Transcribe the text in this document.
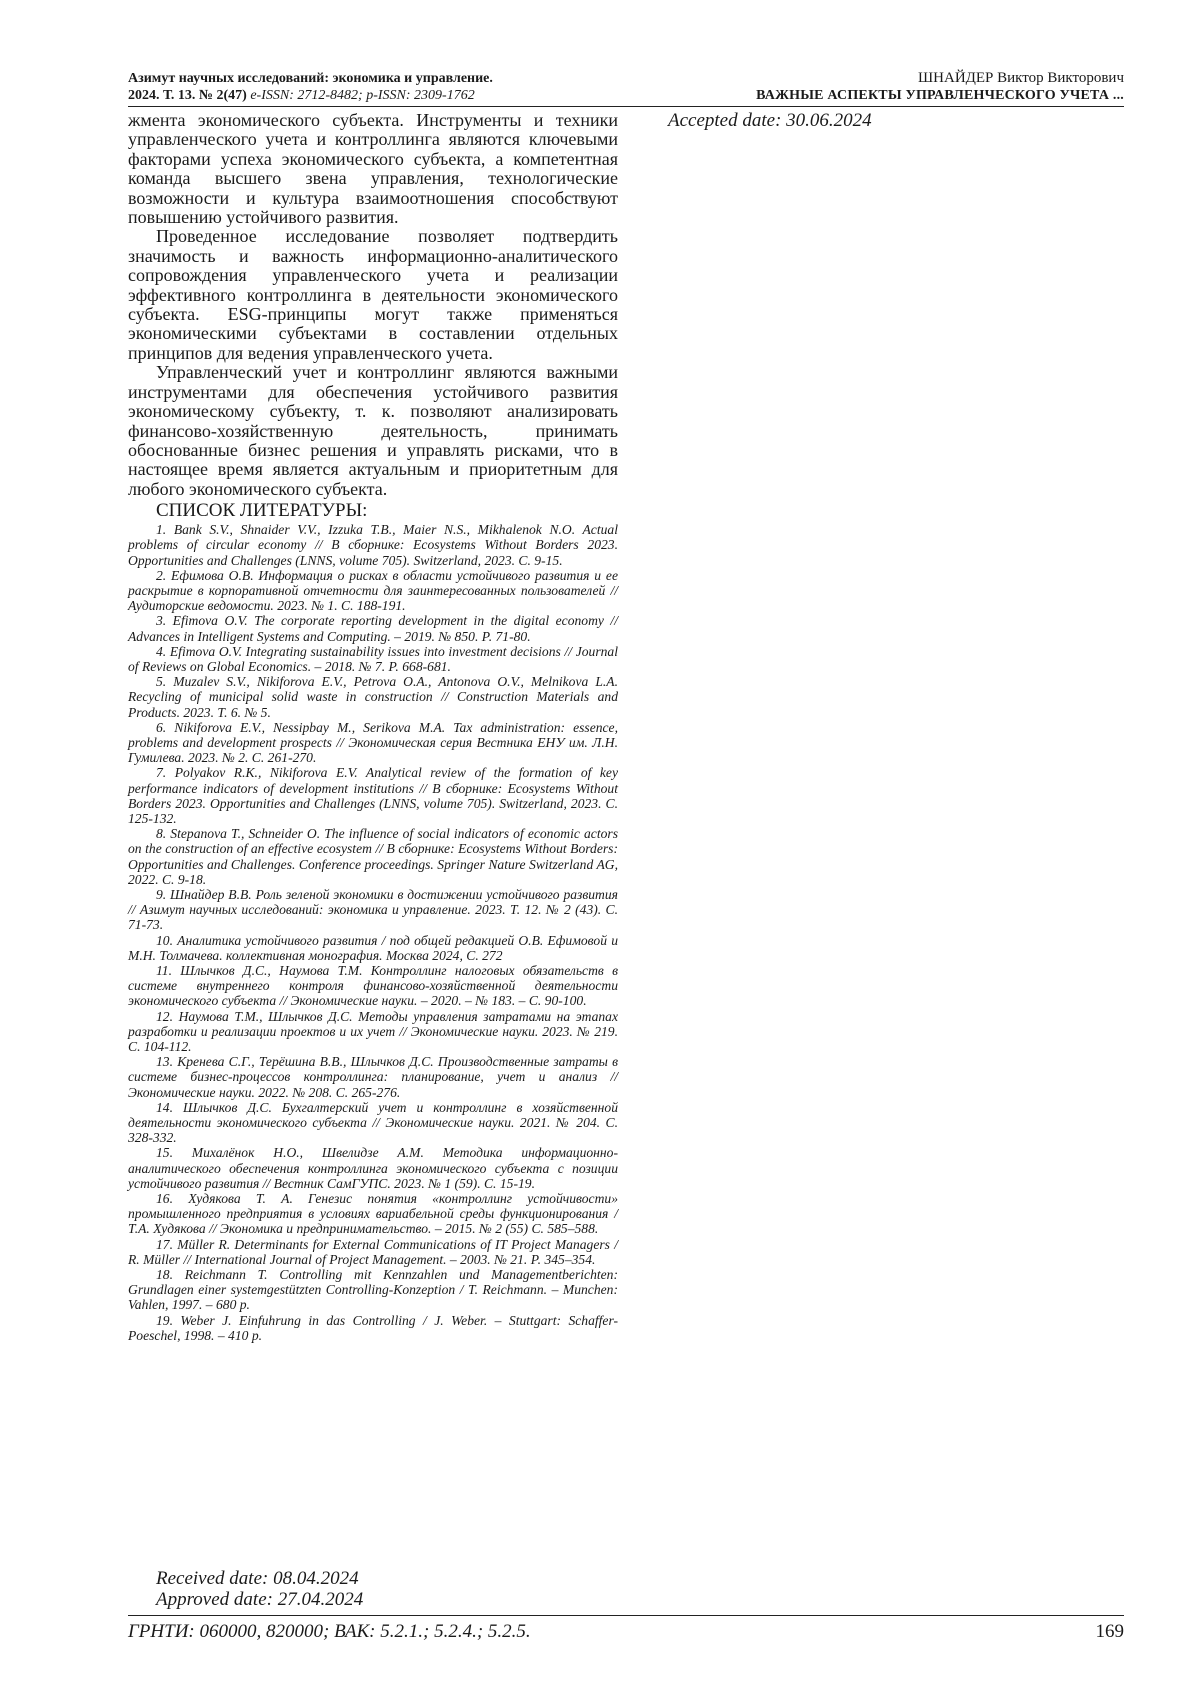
Азимут научных исследований: экономика и управление.
2024. Т. 13. № 2(47) e-ISSN: 2712-8482; p-ISSN: 2309-1762
ШНАЙДЕР Виктор Викторович
ВАЖНЫЕ АСПЕКТЫ УПРАВЛЕНЧЕСКОГО УЧЕТА ...

жмента экономического субъекта. Инструменты и техники управленческого учета и контроллинга являются ключевыми факторами успеха экономического субъекта, а компетентная команда высшего звена управления, технологические возможности и культура взаимоотношения способствуют повышению устойчивого развития.

Проведенное исследование позволяет подтвердить значимость и важность информационно-аналитического сопровождения управленческого учета и реализации эффективного контроллинга в деятельности экономического субъекта. ESG-принципы могут также применяться экономическими субъектами в составлении отдельных принципов для ведения управленческого учета.

Управленческий учет и контроллинг являются важными инструментами для обеспечения устойчивого развития экономическому субъекту, т. к. позволяют анализировать финансово-хозяйственную деятельность, принимать обоснованные бизнес решения и управлять рисками, что в настоящее время является актуальным и приоритетным для любого экономического субъекта.

СПИСОК ЛИТЕРАТУРЫ:

1. Bank S.V., Shnaider V.V., Izzuka T.B., Maier N.S., Mikhalenok N.O. Actual problems of circular economy // В сборнике: Ecosystems Without Borders 2023. Opportunities and Challenges (LNNS, volume 705). Switzerland, 2023. С. 9-15.

2. Ефимова О.В. Информация о рисках в области устойчивого развития и ее раскрытие в корпоративной отчетности для заинтересованных пользователей // Аудиторские ведомости. 2023. № 1. С. 188-191.

3. Efimova O.V. The corporate reporting development in the digital economy // Advances in Intelligent Systems and Computing. – 2019. № 850. Р. 71-80.

4. Efimova O.V. Integrating sustainability issues into investment decisions // Journal of Reviews on Global Economics. – 2018. № 7. Р. 668-681.

5. Muzalev S.V., Nikiforova E.V., Petrova O.A., Antonova O.V., Melnikova L.A. Recycling of municipal solid waste in construction // Construction Materials and Products. 2023. Т. 6. № 5.

6. Nikiforova E.V., Nessipbay M., Serikova M.A. Tax administration: essence, problems and development prospects // Экономическая серия Вестника ЕНУ им. Л.Н. Гумилева. 2023. № 2. С. 261-270.

7. Polyakov R.K., Nikiforova E.V. Analytical review of the formation of key performance indicators of development institutions // В сборнике: Ecosystems Without Borders 2023. Opportunities and Challenges (LNNS, volume 705). Switzerland, 2023. С. 125-132.

8. Stepanova T., Schneider O. The influence of social indicators of economic actors on the construction of an effective ecosystem // В сборнике: Ecosystems Without Borders: Opportunities and Challenges. Conference proceedings. Springer Nature Switzerland AG, 2022. С. 9-18.

9. Шнайдер В.В. Роль зеленой экономики в достижении устойчивого развития // Азимут научных исследований: экономика и управление. 2023. Т. 12. № 2 (43). С. 71-73.

10. Аналитика устойчивого развития / под общей редакцией О.В. Ефимовой и М.Н. Толмачева. коллективная монография. Москва 2024, С. 272

11. Шлычков Д.С., Наумова Т.М. Контроллинг налоговых обязательств в системе внутреннего контроля финансово-хозяйственной деятельности экономического субъекта // Экономические науки. – 2020. – № 183. – С. 90-100.

12. Наумова Т.М., Шлычков Д.С. Методы управления затратами на этапах разработки и реализации проектов и их учет // Экономические науки. 2023. № 219. С. 104-112.

13. Кренева С.Г., Терёшина В.В., Шлычков Д.С. Производственные затраты в системе бизнес-процессов контроллинга: планирование, учет и анализ // Экономические науки. 2022. № 208. С. 265-276.

14. Шлычков Д.С. Бухгалтерский учет и контроллинг в хозяйственной деятельности экономического субъекта // Экономические науки. 2021. № 204. С. 328-332.

15. Михалёнок Н.О., Швелидзе А.М. Методика информационно-аналитического обеспечения контроллинга экономического субъекта с позиции устойчивого развития // Вестник СамГУПС. 2023. № 1 (59). С. 15-19.

16. Худякова Т. А. Генезис понятия «контроллинг устойчивости» промышленного предприятия в условиях вариабельной среды функционирования / Т.А. Худякова // Экономика и предпринимательство. – 2015. № 2 (55) С. 585–588.

17. Müller R. Determinants for External Communications of IT Project Managers / R. Müller // International Journal of Project Management. – 2003. № 21. Р. 345–354.

18. Reichmann T. Controlling mit Kennzahlen und Managementberichten: Grundlagen einer systemgestützten Controlling-Konzeption / T. Reichmann. – Munchen: Vahlen, 1997. – 680 р.

19. Weber J. Einfuhrung in das Controlling / J. Weber. – Stuttgart: Schaffer-Poeschel, 1998. – 410 р.

Accepted date: 30.06.2024

Received date: 08.04.2024
Approved date: 27.04.2024
ГРНТИ: 060000, 820000; ВАК: 5.2.1.; 5.2.4.; 5.2.5.	169
